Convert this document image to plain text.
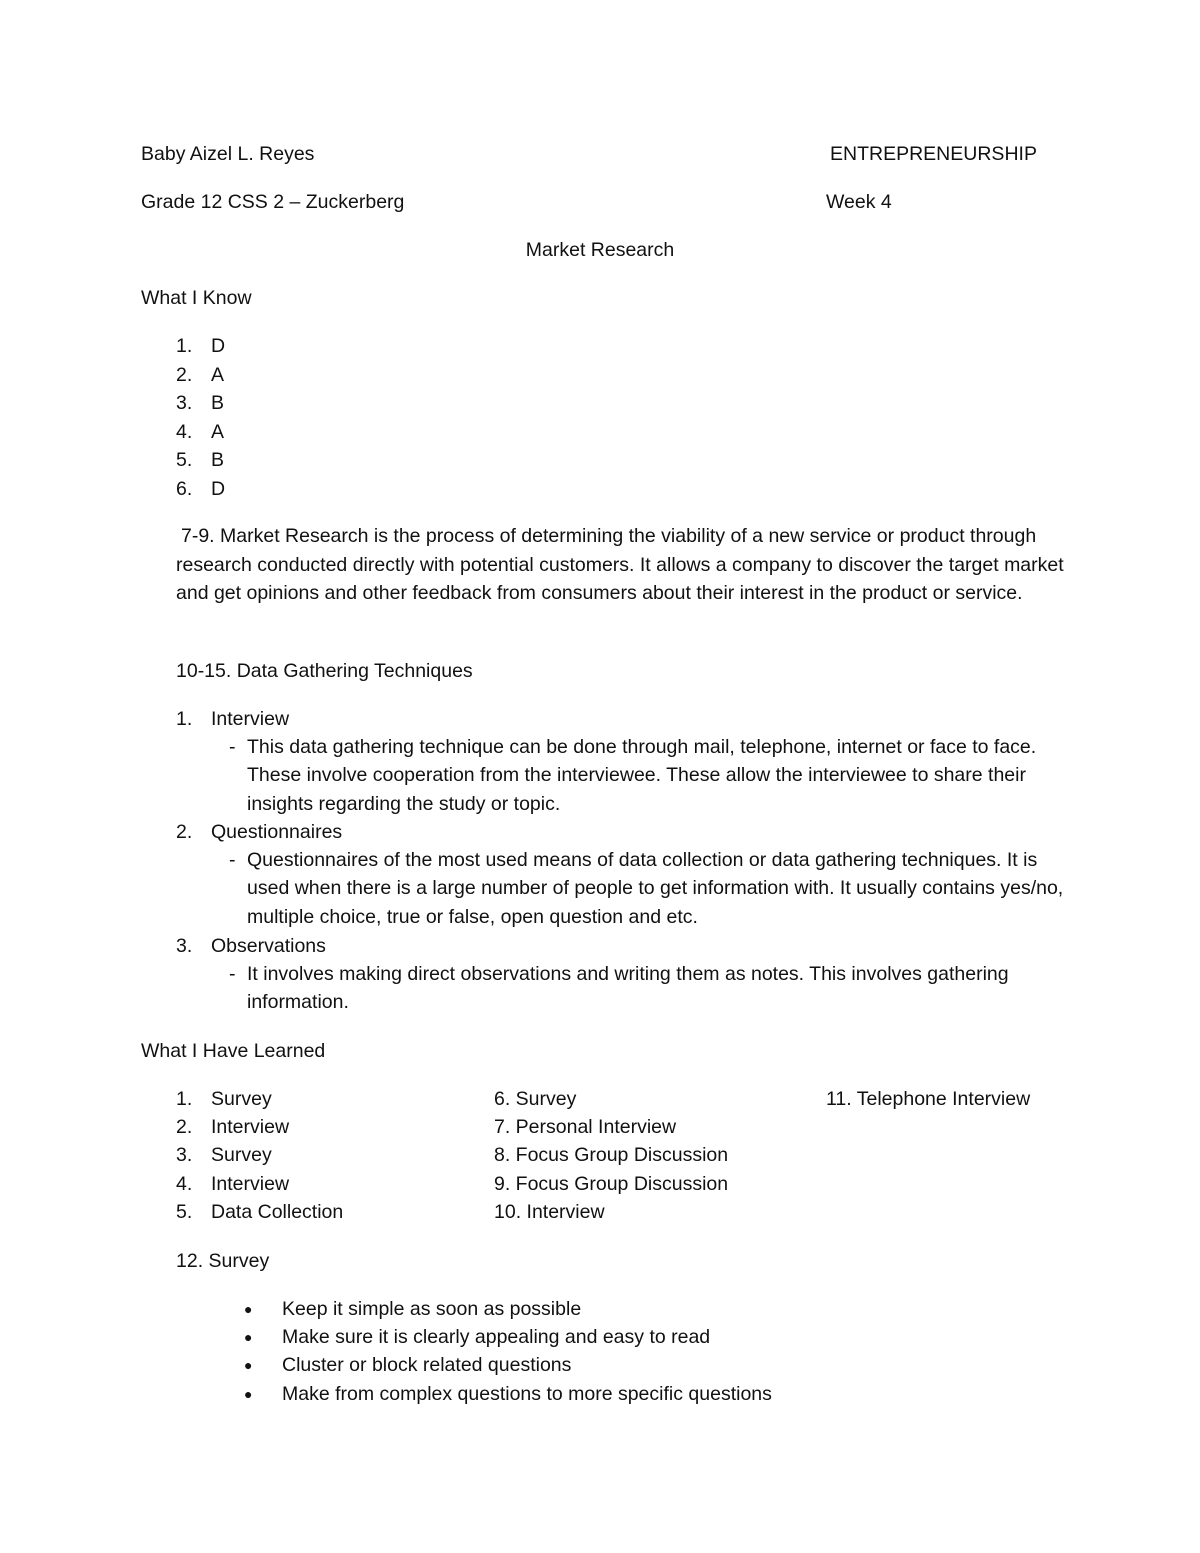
Baby Aizel L. Reyes	ENTREPRENEURSHIP
Grade 12 CSS 2 – Zuckerberg	Week 4
Market Research
What I Know
1. D
2. A
3. B
4. A
5. B
6. D
7-9. Market Research is the process of determining the viability of a new service or product through research conducted directly with potential customers. It allows a company to discover the target market and get opinions and other feedback from consumers about their interest in the product or service.
10-15. Data Gathering Techniques
1. Interview
- This data gathering technique can be done through mail, telephone, internet or face to face. These involve cooperation from the interviewee. These allow the interviewee to share their insights regarding the study or topic.
2. Questionnaires
- Questionnaires of the most used means of data collection or data gathering techniques. It is used when there is a large number of people to get information with. It usually contains yes/no, multiple choice, true or false, open question and etc.
3. Observations
- It involves making direct observations and writing them as notes. This involves gathering information.
What I Have Learned
1. Survey
2. Interview
3. Survey
4. Interview
5. Data Collection
6. Survey
7. Personal Interview
8. Focus Group Discussion
9. Focus Group Discussion
10. Interview
11. Telephone Interview
12. Survey
● Keep it simple as soon as possible
● Make sure it is clearly appealing and easy to read
● Cluster or block related questions
● Make from complex questions to more specific questions
